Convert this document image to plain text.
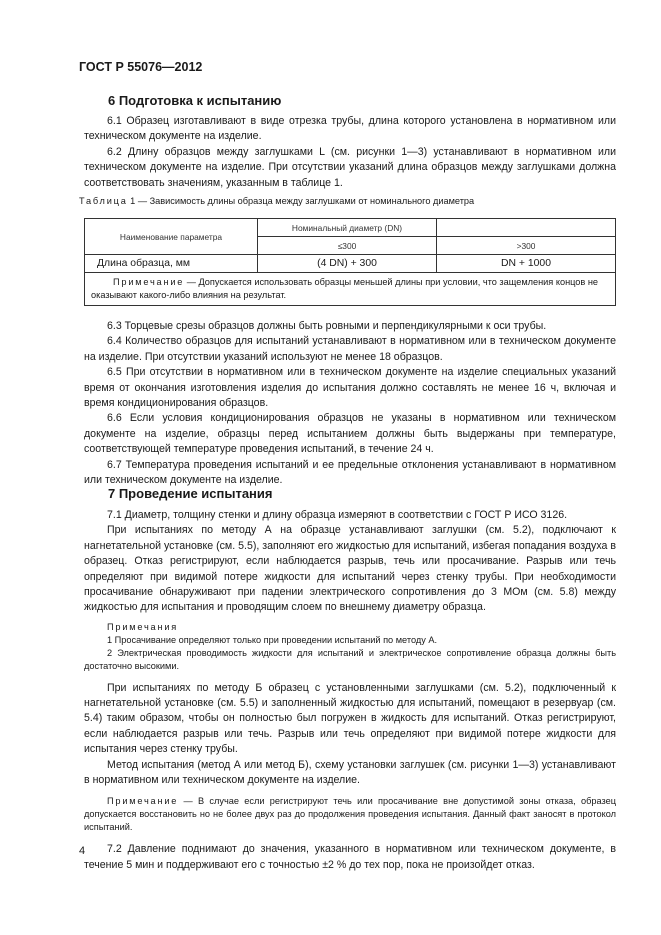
ГОСТ Р 55076—2012
6 Подготовка к испытанию

6.1 Образец изготавливают в виде отрезка трубы, длина которого установлена в нормативном или техническом документе на изделие.

6.2 Длину образцов между заглушками L (см. рисунки 1—3) устанавливают в нормативном или техническом документе на изделие. При отсутствии указаний длина образцов между заглушками должна соответствовать значениям, указанным в таблице 1.

Таблица 1 — Зависимость длины образца между заглушками от номинального диаметра
Наименование параметра	Номинальный диаметр (DN)	
	≤300	>300
Длина образца, мм	(4 DN) + 300	DN + 1000
Примечание — Допускается использовать образцы меньшей длины при условии, что защемления концов не оказывают какого-либо влияния на результат.		

6.3 Торцевые срезы образцов должны быть ровными и перпендикулярными к оси трубы.

6.4 Количество образцов для испытаний устанавливают в нормативном или в техническом документе на изделие. При отсутствии указаний используют не менее 18 образцов.

6.5 При отсутствии в нормативном или в техническом документе на изделие специальных указаний время от окончания изготовления изделия до испытания должно составлять не менее 16 ч, включая и время кондиционирования образцов.

6.6 Если условия кондиционирования образцов не указаны в нормативном или техническом документе на изделие, образцы перед испытанием должны быть выдержаны при температуре, соответствующей температуре проведения испытаний, в течение 24 ч.

6.7 Температура проведения испытаний и ее предельные отклонения устанавливают в нормативном или техническом документе на изделие.

7 Проведение испытания

7.1 Диаметр, толщину стенки и длину образца измеряют в соответствии с ГОСТ Р ИСО 3126.

При испытаниях по методу А на образце устанавливают заглушки (см. 5.2), подключают к нагнетательной установке (см. 5.5), заполняют его жидкостью для испытаний, избегая попадания воздуха в образец. Отказ регистрируют, если наблюдается разрыв, течь или просачивание. Разрыв или течь определяют при видимой потере жидкости для испытаний через стенку трубы. При необходимости просачивание обнаруживают при падении электрического сопротивления до 3 МОм (см. 5.8) между жидкостью для испытания и проводящим слоем по внешнему диаметру образца.

Примечания

1 Просачивание определяют только при проведении испытаний по методу А.

2 Электрическая проводимость жидкости для испытаний и электрическое сопротивление образца должны быть достаточно высокими.

При испытаниях по методу Б образец с установленными заглушками (см. 5.2), подключенный к нагнетательной установке (см. 5.5) и заполненный жидкостью для испытаний, помещают в резервуар (см. 5.4) таким образом, чтобы он полностью был погружен в жидкость для испытаний. Отказ регистрируют, если наблюдается разрыв или течь. Разрыв или течь определяют при видимой потере жидкости для испытания через стенку трубы.

Метод испытания (метод А или метод Б), схему установки заглушек (см. рисунки 1—3) устанавливают в нормативном или техническом документе на изделие.

Примечание — В случае если регистрируют течь или просачивание вне допустимой зоны отказа, образец допускается восстановить но не более двух раз до продолжения проведения испытания. Данный факт заносят в протокол испытаний.

7.2 Давление поднимают до значения, указанного в нормативном или техническом документе, в течение 5 мин и поддерживают его с точностью ±2 % до тех пор, пока не произойдет отказ.

4
